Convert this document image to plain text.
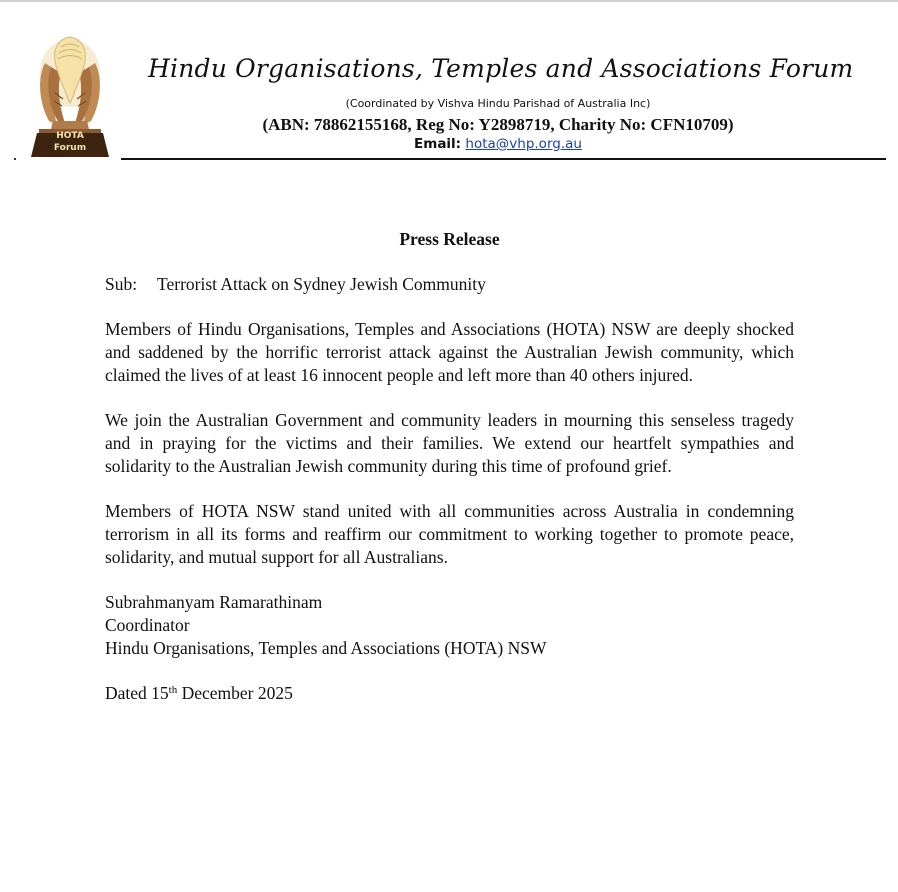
HOTA
Forum
Hindu Organisations, Temples and Associations Forum
(Coordinated by Vishva Hindu Parishad of Australia Inc)
(ABN: 78862155168, Reg No: Y2898719, Charity No: CFN10709)
Email: hota@vhp.org.au
Press Release
Sub: Terrorist Attack on Sydney Jewish Community

Members of Hindu Organisations, Temples and Associations (HOTA) NSW are deeply shocked and saddened by the horrific terrorist attack against the Australian Jewish community, which claimed the lives of at least 16 innocent people and left more than 40 others injured.

We join the Australian Government and community leaders in mourning this senseless tragedy and in praying for the victims and their families. We extend our heartfelt sympathies and solidarity to the Australian Jewish community during this time of profound grief.

Members of HOTA NSW stand united with all communities across Australia in condemning terrorism in all its forms and reaffirm our commitment to working together to promote peace, solidarity, and mutual support for all Australians.

Subrahmanyam Ramarathinam
Coordinator
Hindu Organisations, Temples and Associations (HOTA) NSW
Dated 15th December 2025
